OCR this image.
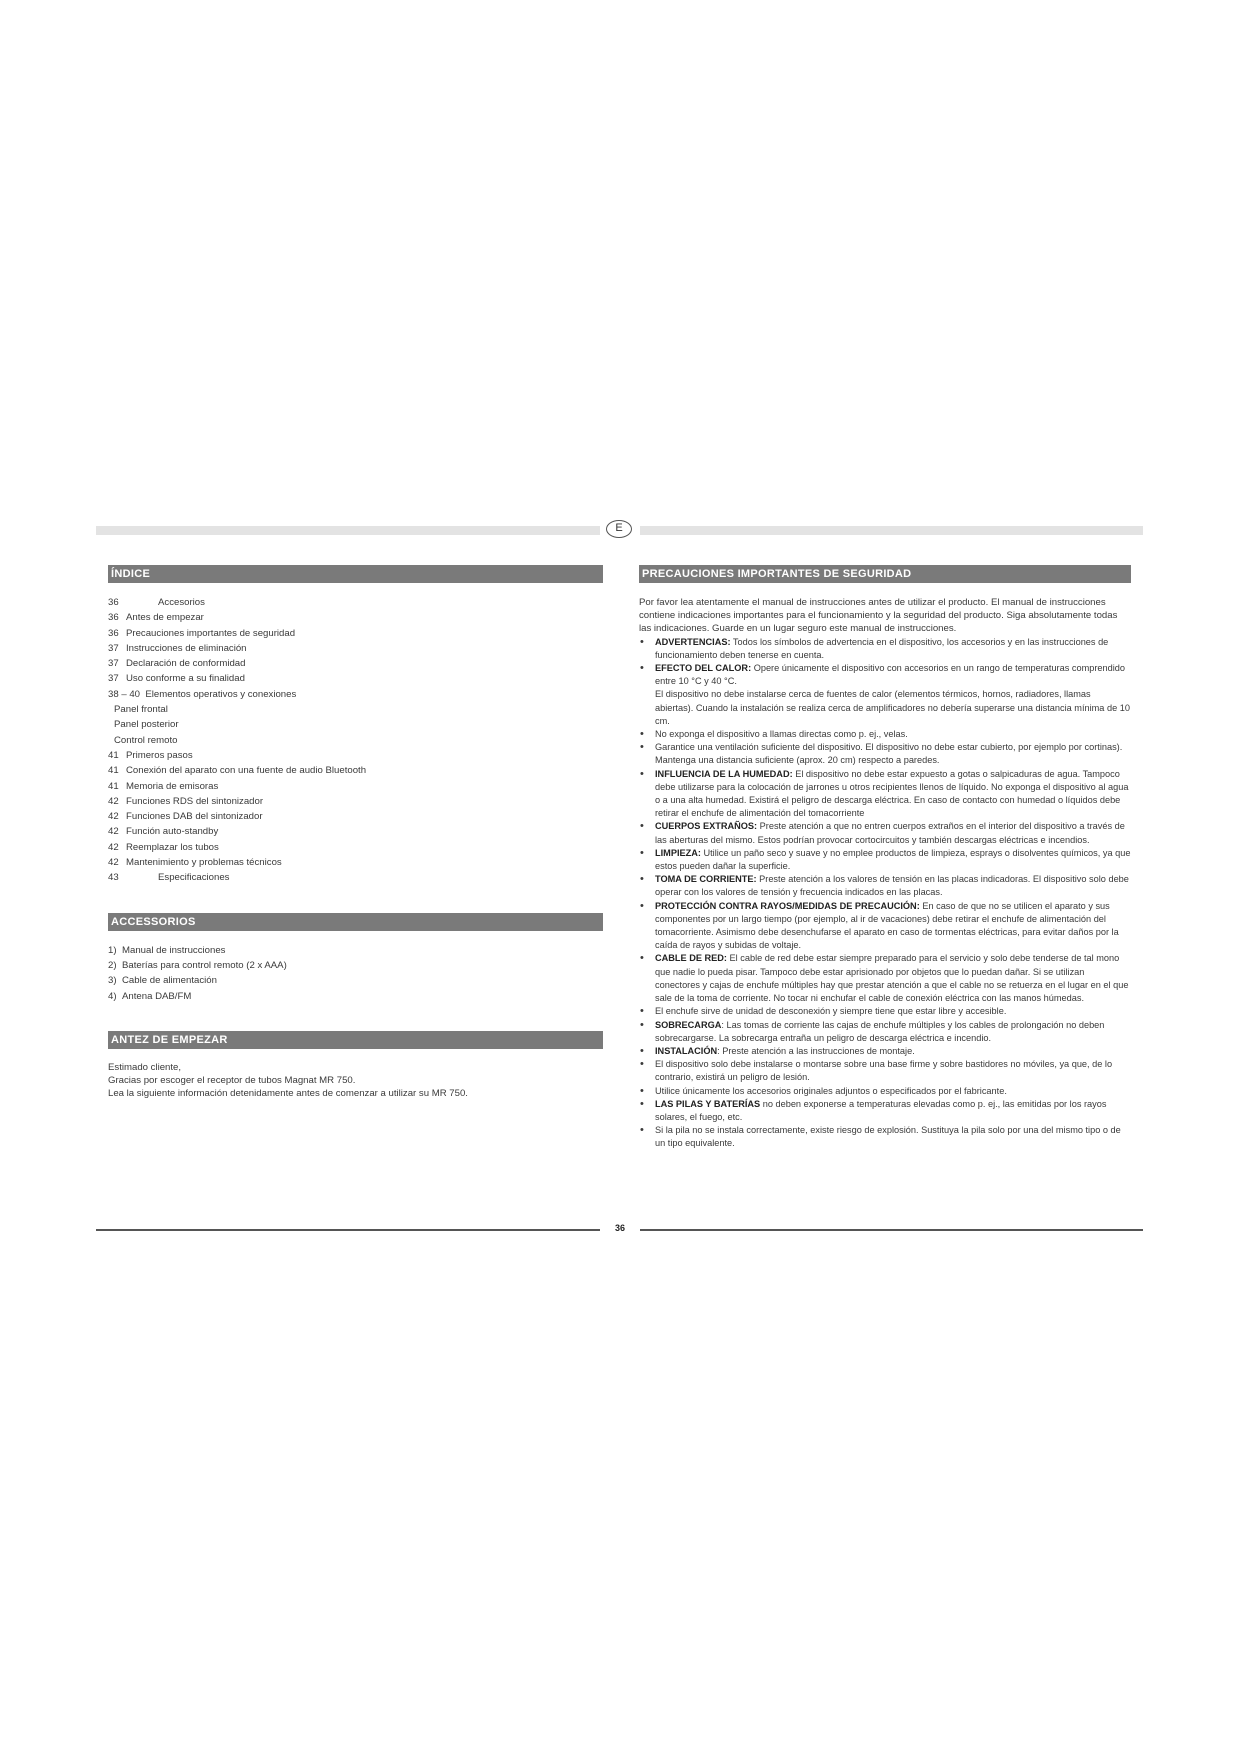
E
ÍNDICE
36	Accesorios
36 Antes de empezar
36 Precauciones importantes de seguridad
37 Instrucciones de eliminación
37 Declaración de conformidad
37 Uso conforme a su finalidad
38 – 40 Elementos operativos y conexiones
Panel frontal
Panel posterior
Control remoto
41 Primeros pasos
41 Conexión del aparato con una fuente de audio Bluetooth
41 Memoria de emisoras
42 Funciones RDS del sintonizador
42 Funciones DAB del sintonizador
42 Función auto-standby
42 Reemplazar los tubos
42 Mantenimiento y problemas técnicos
43	Especificaciones
ACCESSORIOS
1) Manual de instrucciones
2) Baterías para control remoto (2 x AAA)
3) Cable de alimentación
4) Antena DAB/FM
ANTEZ DE EMPEZAR
Estimado cliente,
Gracias por escoger el receptor de tubos Magnat MR 750.
Lea la siguiente información detenidamente antes de comenzar a utilizar su MR 750.
PRECAUCIONES IMPORTANTES DE SEGURIDAD
Por favor lea atentamente el manual de instrucciones antes de utilizar el producto. El manual de instrucciones contiene indicaciones importantes para el funcionamiento y la seguridad del producto. Siga absolutamente todas las indicaciones. Guarde en un lugar seguro este manual de instrucciones.
• ADVERTENCIAS: Todos los símbolos de advertencia en el dispositivo, los accesorios y en las instrucciones de funcionamiento deben tenerse en cuenta.
• EFECTO DEL CALOR: Opere únicamente el dispositivo con accesorios en un rango de temperaturas comprendido entre 10 °C y 40 °C.
El dispositivo no debe instalarse cerca de fuentes de calor (elementos térmicos, hornos, radiadores, llamas abiertas). Cuando la instalación se realiza cerca de amplificadores no debería superarse una distancia mínima de 10 cm.
• No exponga el dispositivo a llamas directas como p. ej., velas.
• Garantice una ventilación suficiente del dispositivo. El dispositivo no debe estar cubierto, por ejemplo por cortinas). Mantenga una distancia suficiente (aprox. 20 cm) respecto a paredes.
• INFLUENCIA DE LA HUMEDAD: El dispositivo no debe estar expuesto a gotas o salpicaduras de agua. Tampoco debe utilizarse para la colocación de jarrones u otros recipientes llenos de líquido. No exponga el dispositivo al agua o a una alta humedad. Existirá el peligro de descarga eléctrica. En caso de contacto con humedad o líquidos debe retirar el enchufe de alimentación del tomacorriente
• CUERPOS EXTRAÑOS: Preste atención a que no entren cuerpos extraños en el interior del dispositivo a través de las aberturas del mismo. Estos podrían provocar cortocircuitos y también descargas eléctricas e incendios.
• LIMPIEZA: Utilice un paño seco y suave y no emplee productos de limpieza, esprays o disolventes químicos, ya que estos pueden dañar la superficie.
• TOMA DE CORRIENTE: Preste atención a los valores de tensión en las placas indicadoras. El dispositivo solo debe operar con los valores de tensión y frecuencia indicados en las placas.
• PROTECCIÓN CONTRA RAYOS/MEDIDAS DE PRECAUCIÓN: En caso de que no se utilicen el aparato y sus componentes por un largo tiempo (por ejemplo, al ir de vacaciones) debe retirar el enchufe de alimentación del tomacorriente. Asimismo debe desenchufarse el aparato en caso de tormentas eléctricas, para evitar daños por la caída de rayos y subidas de voltaje.
• CABLE DE RED: El cable de red debe estar siempre preparado para el servicio y solo debe tenderse de tal mono que nadie lo pueda pisar. Tampoco debe estar aprisionado por objetos que lo puedan dañar. Si se utilizan conectores y cajas de enchufe múltiples hay que prestar atención a que el cable no se retuerza en el lugar en el que sale de la toma de corriente. No tocar ni enchufar el cable de conexión eléctrica con las manos húmedas.
• El enchufe sirve de unidad de desconexión y siempre tiene que estar libre y accesible.
• SOBRECARGA: Las tomas de corriente las cajas de enchufe múltiples y los cables de prolongación no deben sobrecargarse. La sobrecarga entraña un peligro de descarga eléctrica e incendio.
• INSTALACIÓN: Preste atención a las instrucciones de montaje.
• El dispositivo solo debe instalarse o montarse sobre una base firme y sobre bastidores no móviles, ya que, de lo contrario, existirá un peligro de lesión.
• Utilice únicamente los accesorios originales adjuntos o especificados por el fabricante.
• LAS PILAS Y BATERÍAS no deben exponerse a temperaturas elevadas como p. ej., las emitidas por los rayos solares, el fuego, etc.
• Si la pila no se instala correctamente, existe riesgo de explosión. Sustituya la pila solo por una del mismo tipo o de un tipo equivalente.
36
